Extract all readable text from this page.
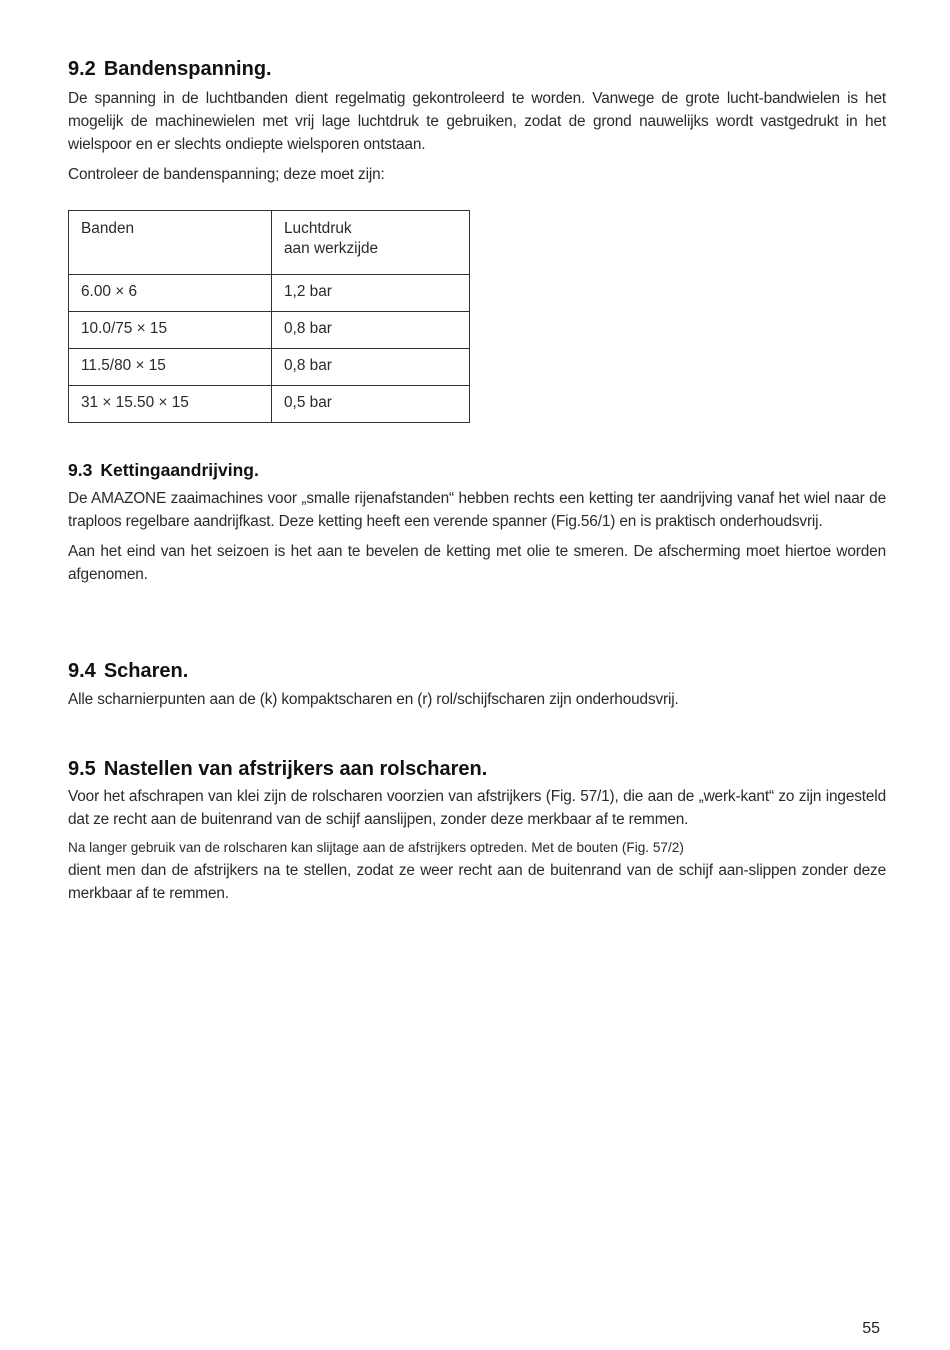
9.2 Bandenspanning.

De spanning in de luchtbanden dient regelmatig gekontroleerd te worden. Vanwege de grote lucht-bandwielen is het mogelijk de machinewielen met vrij lage luchtdruk te gebruiken, zodat de grond nauwelijks wordt vastgedrukt in het wielspoor en er slechts ondiepte wielsporen ontstaan.

Controleer de bandenspanning; deze moet zijn:

Banden	Luchtdruk
aan werkzijde

6.00 × 6	1,2 bar
10.0/75 × 15	0,8 bar
11.5/80 × 15	0,8 bar
31 × 15.50 × 15	0,5 bar
9.3 Kettingaandrijving.

De AMAZONE zaaimachines voor „smalle rijenafstanden“ hebben rechts een ketting ter aandrijving vanaf het wiel naar de traploos regelbare aandrijfkast. Deze ketting heeft een verende spanner (Fig.56/1) en is praktisch onderhoudsvrij.

Aan het eind van het seizoen is het aan te bevelen de ketting met olie te smeren. De afscherming moet hiertoe worden afgenomen.

9.4 Scharen.

Alle scharnierpunten aan de (k) kompaktscharen en (r) rol/schijfscharen zijn onderhoudsvrij.

9.5 Nastellen van afstrijkers aan rolscharen.

Voor het afschrapen van klei zijn de rolscharen voorzien van afstrijkers (Fig. 57/1), die aan de „werk-kant“ zo zijn ingesteld dat ze recht aan de buitenrand van de schijf aanslijpen, zonder deze merkbaar af te remmen.

Na langer gebruik van de rolscharen kan slijtage aan de afstrijkers optreden. Met de bouten (Fig. 57/2)

dient men dan de afstrijkers na te stellen, zodat ze weer recht aan de buitenrand van de schijf aan-slippen zonder deze merkbaar af te remmen.

55
